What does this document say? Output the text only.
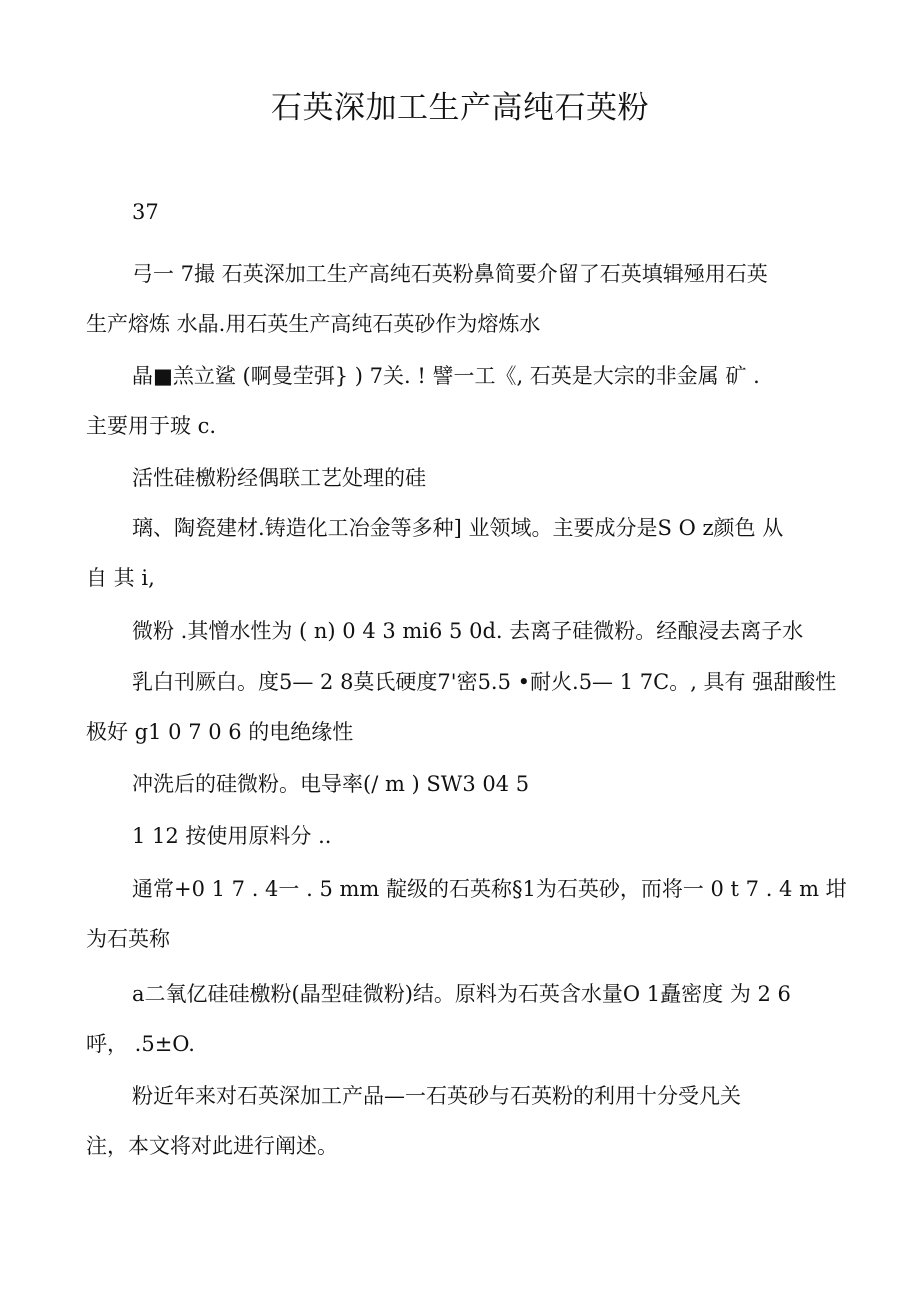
石英深加工生产高纯石英粉

37

弓一 7撮 石英深加工生产高纯石英粉鼻简要介留了石英填辑殛用石英
生产熔炼 水晶.用石英生产高纯石英砂作为熔炼水

晶■羔立鲨 (啊曼茔弭} ) 7关. ! 譬一工《, 石英是大宗的非金属 矿 .
主要用于玻 c.

活性硅檄粉经偶联工艺处理的硅

璃、陶瓷建材.铸造化工冶金等多种] 业领域。主要成分是S O z颜色 从
自 其 i,

微粉 .其憎水性为 ( n) 0 4 3 mi6 5 0d. 去离子硅微粉。经酿浸去离子水

乳白刊厥白。度5— 2 8莫氏硬度7'密5.5 •耐火.5— 1 7C。, 具有 强甜酸性
极好 g1 0 7 0 6 的电绝缘性

冲洗后的硅微粉。电导率(/ m ) SW3 04 5

1 12 按使用原料分 ..

通常+0 1 7 . 4一 . 5 mm 靛级的石英称§1为石英砂，而将一 0 t 7 . 4 m 坩
为石英称

a二氧亿硅硅檄粉(晶型硅微粉)结。原料为石英含水量O 1矗密度 为 2 6
呼， .5±O.

粉近年来对石英深加工产品—一石英砂与石英粉的利用十分受凡关
注，本文将对此进行阐述。
